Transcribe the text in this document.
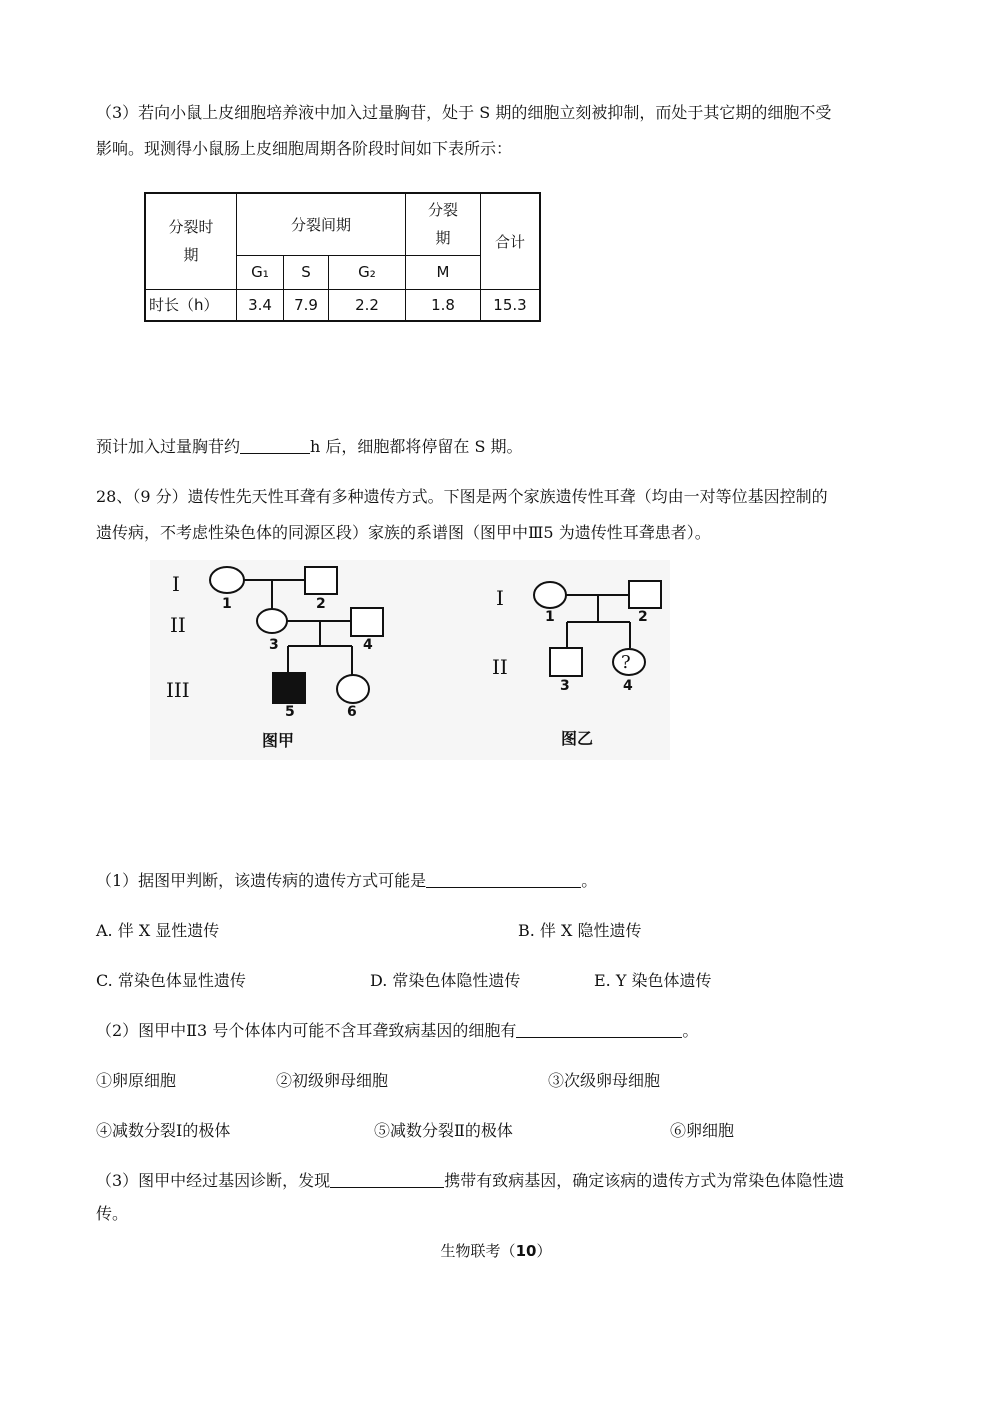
（3）若向小鼠上皮细胞培养液中加入过量胸苷，处于 S 期的细胞立刻被抑制，而处于其它期的细胞不受
影响。现测得小鼠肠上皮细胞周期各阶段时间如下表所示：
分裂时期	分裂间期			分裂期	合计
	G₁	S	G₂	M	
时长（h）	3.4	7.9	2.2	1.8	15.3
预计加入过量胸苷约	h 后，细胞都将停留在 S 期。
28、（9 分）遗传性先天性耳聋有多种遗传方式。下图是两个家族遗传性耳聋（均由一对等位基因控制的
遗传病，不考虑性染色体的同源区段）家族的系谱图（图甲中Ⅲ5 为遗传性耳聋患者）。
I
II
III
1	2
3	4
5	6
图甲
I
II	?
1	2
3	4
图乙
（1）据图甲判断，该遗传病的遗传方式可能是	。
A. 伴 X 显性遗传	B. 伴 X 隐性遗传
C. 常染色体显性遗传	D. 常染色体隐性遗传	E. Y 染色体遗传
（2）图甲中Ⅱ3 号个体体内可能不含耳聋致病基因的细胞有	。
①卵原细胞	②初级卵母细胞	③次级卵母细胞
④减数分裂Ⅰ的极体	⑤减数分裂Ⅱ的极体	⑥卵细胞
（3）图甲中经过基因诊断，发现	携带有致病基因，确定该病的遗传方式为常染色体隐性遗
传。
生物联考（10）
